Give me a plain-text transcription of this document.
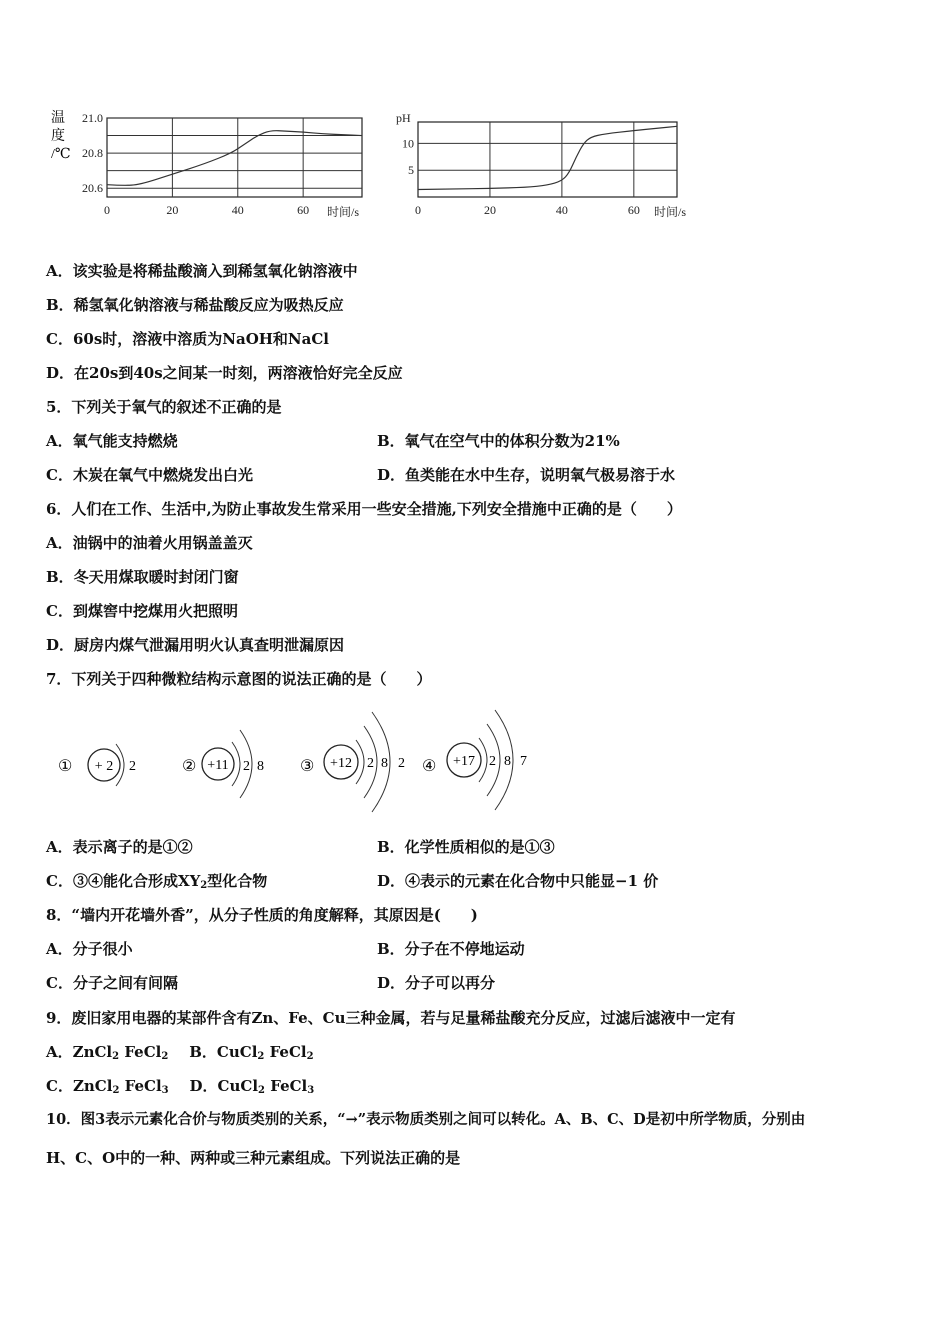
0	20	40	60
20.6
20.8
21.0
温
度
/℃
时间/s	0	20	40	60
5
10
pH
时间/s
A．该实验是将稀盐酸滴入到稀氢氧化钠溶液中
B．稀氢氧化钠溶液与稀盐酸反应为吸热反应
C．60s时，溶液中溶质为NaOH和NaCl
D．在20s到40s之间某一时刻，两溶液恰好完全反应
5．下列关于氧气的叙述不正确的是
A．氧气能支持燃烧	B．氧气在空气中的体积分数为21%
C．木炭在氧气中燃烧发出白光	D．鱼类能在水中生存，说明氧气极易溶于水
6．人们在工作、生活中,为防止事故发生常采用一些安全措施,下列安全措施中正确的是（　　）
A．油锅中的油着火用锅盖盖灭
B．冬天用煤取暖时封闭门窗
C．到煤窖中挖煤用火把照明
D．厨房内煤气泄漏用明火认真查明泄漏原因
7．下列关于四种微粒结构示意图的说法正确的是（　　）
① + 2 2	② +11 2 8 ③ +12 2 8 2 ④ +17 2 8 7
A．表示离子的是①②	B．化学性质相似的是①③
C．③④能化合形成$XY_2$型化合物	D．④表示的元素在化合物中只能显−1 价
8．“墙内开花墙外香”，从分子性质的角度解释，其原因是(　　)
A．分子很小	B．分子在不停地运动
C．分子之间有间隔	D．分子可以再分
9．废旧家用电器的某部件含有Zn、Fe、Cu三种金属，若与足量稀盐酸充分反应，过滤后滤液中一定有
A．ZnCl$_2$ FeCl$_2$ B．CuCl$_2$ FeCl$_2$
C．ZnCl$_2$ FeCl$_3$ D．CuCl$_2$ FeCl$_3$
10．图3表示元素化合价与物质类别的关系，“→”表示物质类别之间可以转化。A、B、C、D是初中所学物质，分别由
H、C、O中的一种、两种或三种元素组成。下列说法正确的是
